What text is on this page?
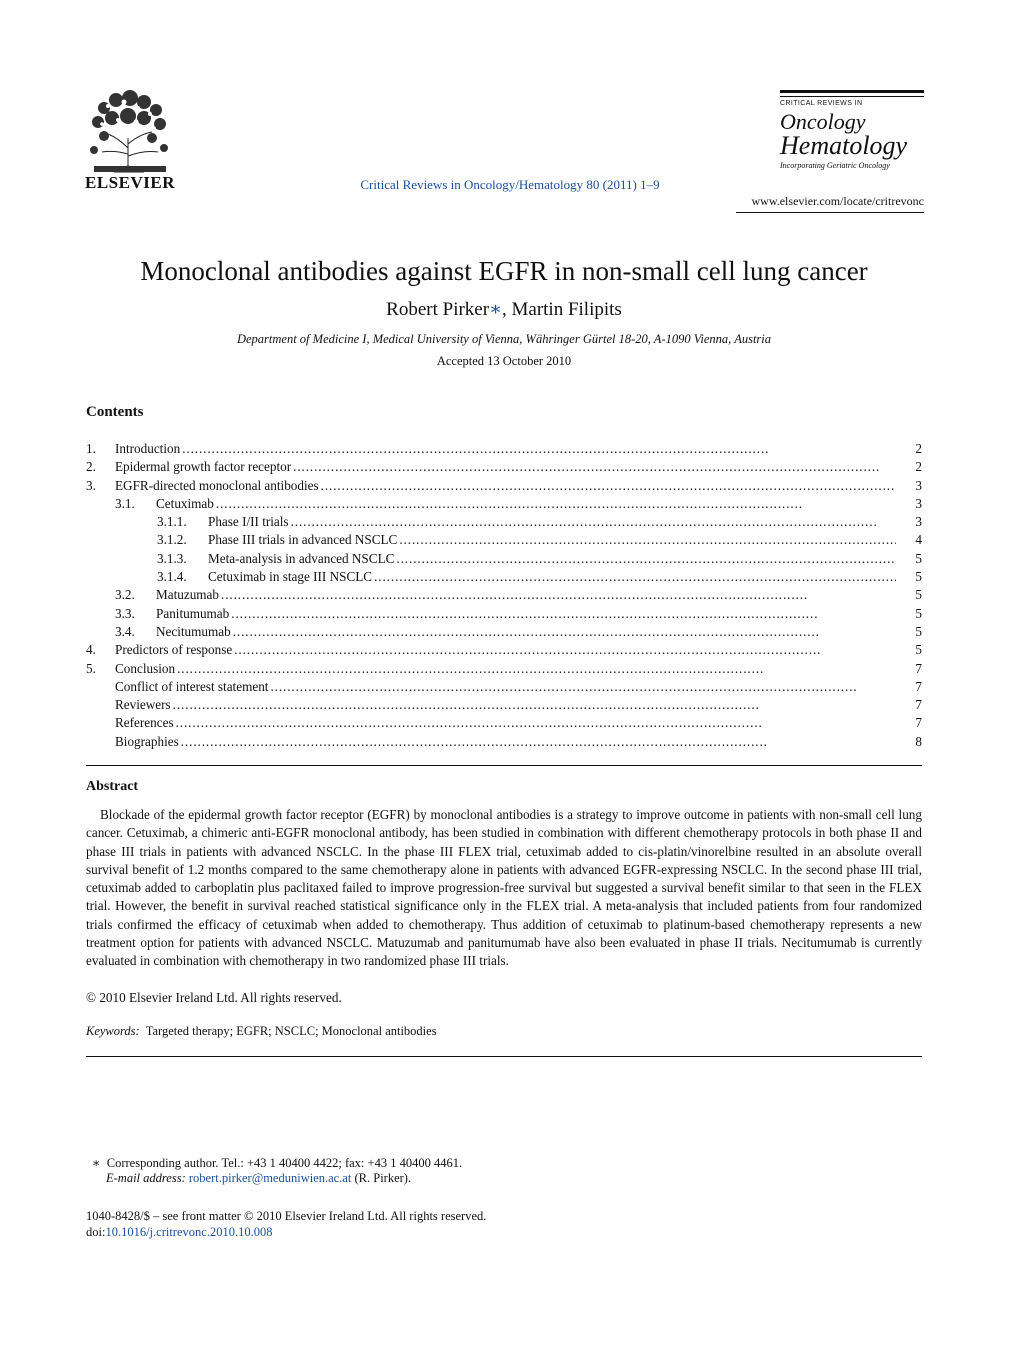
ELSEVIER	Critical Reviews in Oncology/Hematology 80 (2011) 1–9
CRITICAL REVIEWS IN
Oncology
Hematology
Incorporating Geriatric Oncology
www.elsevier.com/locate/critrevonc
Monoclonal antibodies against EGFR in non-small cell lung cancer
Robert Pirker∗, Martin Filipits
Department of Medicine I, Medical University of Vienna, Währinger Gürtel 18-20, A-1090 Vienna, Austria
Accepted 13 October 2010
Contents
1. Introduction . . .	2
2. Epidermal growth factor receptor . . .	2
3. EGFR-directed monoclonal antibodies . . .	3
3.1. Cetuximab . . .	3
3.1.1. Phase I/II trials . . .	3
3.1.2. Phase III trials in advanced NSCLC . . .	4
3.1.3. Meta-analysis in advanced NSCLC . . .	5
3.1.4. Cetuximab in stage III NSCLC . . .	5
3.2. Matuzumab . . .	5
3.3. Panitumumab . . .	5
3.4. Necitumumab . . .	5
4. Predictors of response . . .	5
5. Conclusion . . .	7
Conflict of interest statement . . .	7
Reviewers . . .	7
References . . .	7
Biographies . . .	8
Abstract

Blockade of the epidermal growth factor receptor (EGFR) by monoclonal antibodies is a strategy to improve outcome in patients with non-small cell lung cancer. Cetuximab, a chimeric anti-EGFR monoclonal antibody, has been studied in combination with different chemotherapy protocols in both phase II and phase III trials in patients with advanced NSCLC. In the phase III FLEX trial, cetuximab added to cis-platin/vinorelbine resulted in an absolute overall survival benefit of 1.2 months compared to the same chemotherapy alone in patients with advanced EGFR-expressing NSCLC. In the second phase III trial, cetuximab added to carboplatin plus paclitaxed failed to improve progression-free survival but suggested a survival benefit similar to that seen in the FLEX trial. However, the benefit in survival reached statistical significance only in the FLEX trial. A meta-analysis that included patients from four randomized trials confirmed the efficacy of cetuximab when added to chemotherapy. Thus addition of cetuximab to platinum-based chemotherapy represents a new treatment option for patients with advanced NSCLC. Matuzumab and panitumumab have also been evaluated in phase II trials. Necitumumab is currently evaluated in combination with chemotherapy in two randomized phase III trials.

© 2010 Elsevier Ireland Ltd. All rights reserved.
Keywords: Targeted therapy; EGFR; NSCLC; Monoclonal antibodies
∗ Corresponding author. Tel.: +43 1 40400 4422; fax: +43 1 40400 4461.
E-mail address: robert.pirker@meduniwien.ac.at (R. Pirker).
1040-8428/$ – see front matter © 2010 Elsevier Ireland Ltd. All rights reserved.
doi:10.1016/j.critrevonc.2010.10.008
